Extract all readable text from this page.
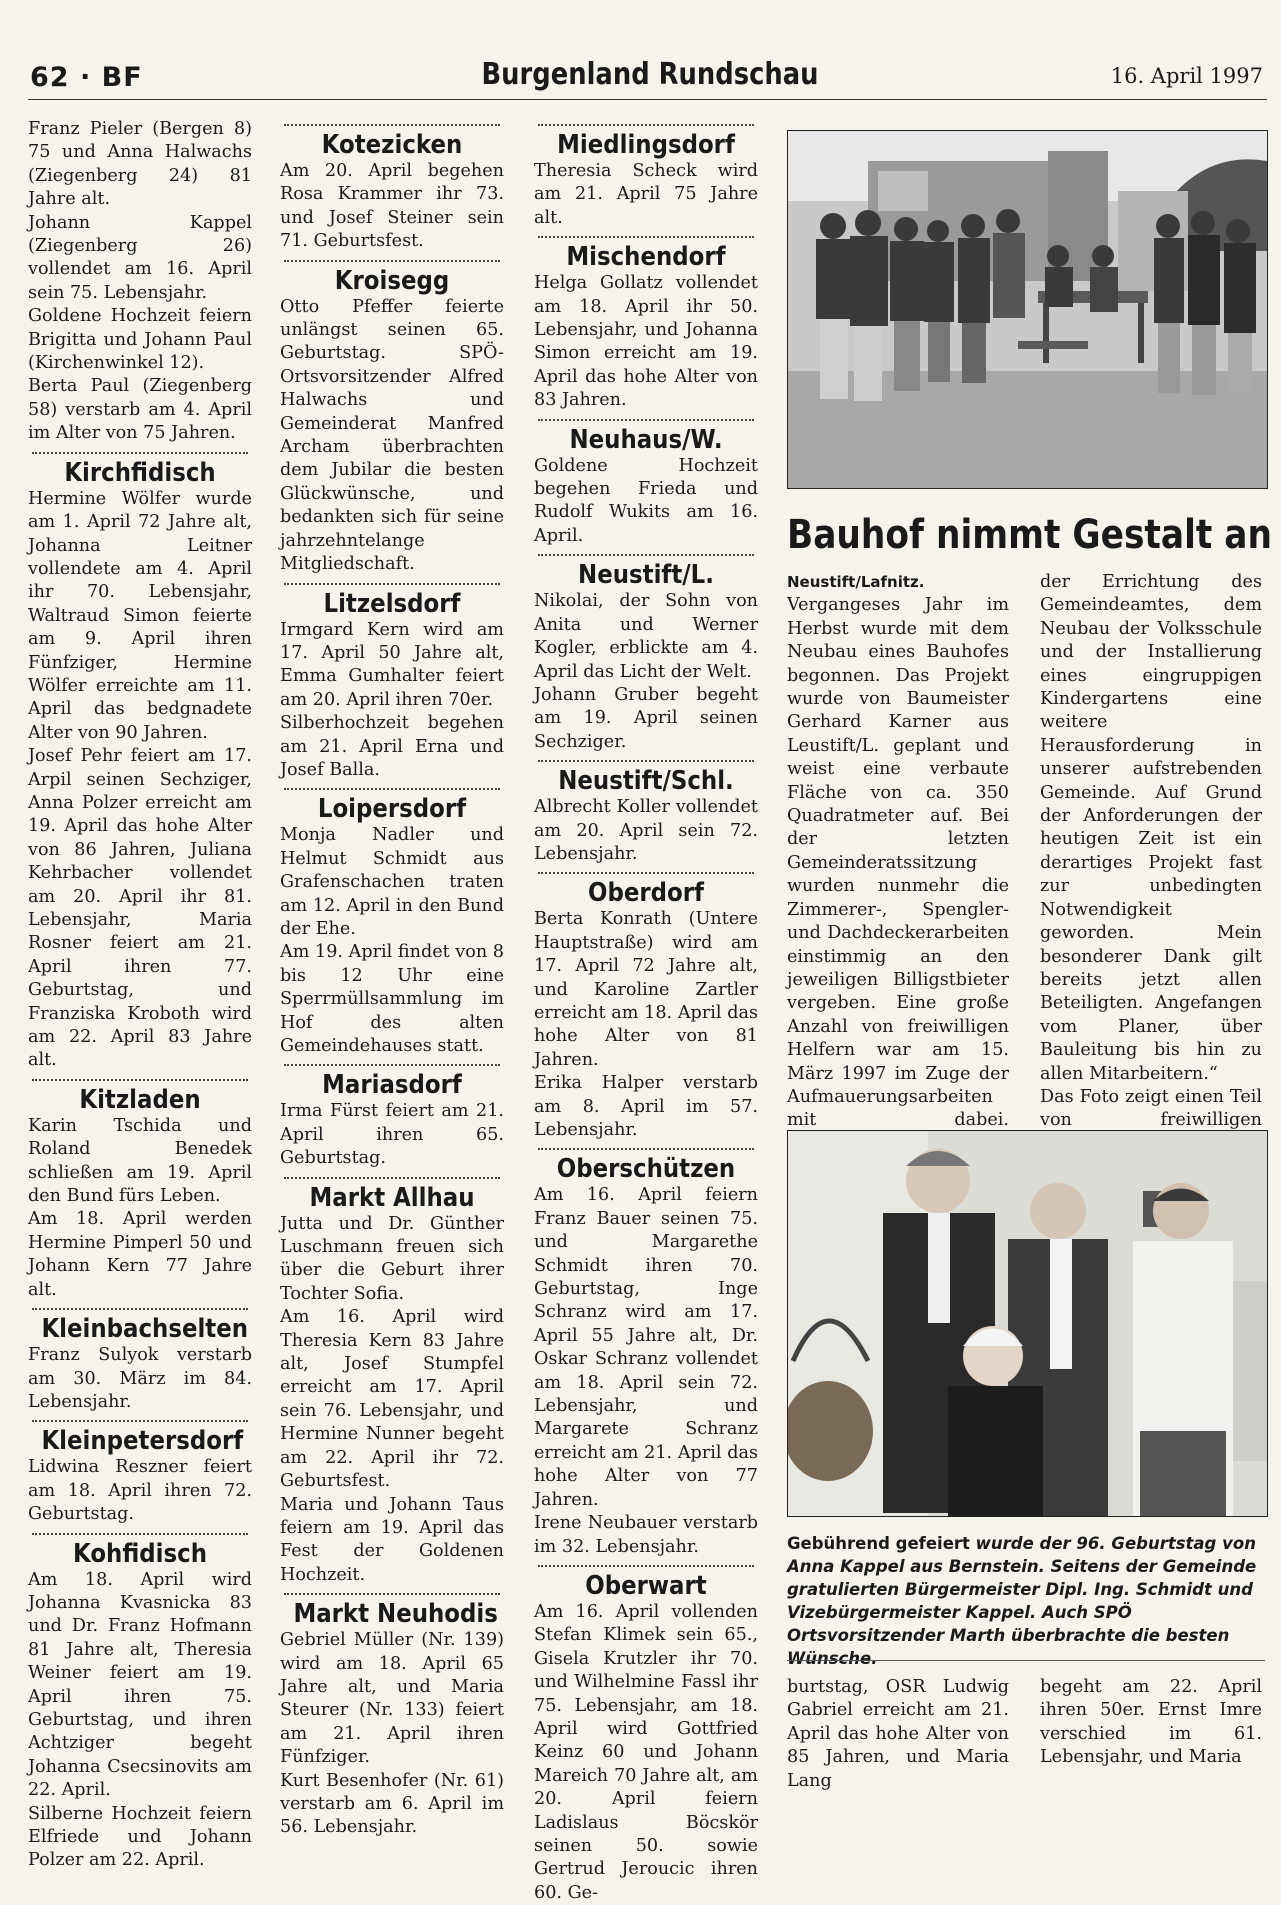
62 · BF	Burgenland Rundschau	16. April 1997

Franz Pieler (Bergen 8) 75 und Anna Halwachs (Ziegenberg 24) 81 Jahre alt.

Johann Kappel (Ziegenberg 26) vollendet am 16. April sein 75. Lebensjahr.

Goldene Hochzeit feiern Brigitta und Johann Paul (Kirchenwinkel 12).

Berta Paul (Ziegenberg 58) verstarb am 4. April im Alter von 75 Jahren.

Kirchfidisch

Hermine Wölfer wurde am 1. April 72 Jahre alt, Johanna Leitner vollendete am 4. April ihr 70. Lebensjahr, Waltraud Simon feierte am 9. April ihren Fünfziger, Hermine Wölfer erreichte am 11. April das bedgnadete Alter von 90 Jahren.

Josef Pehr feiert am 17. Arpil seinen Sechziger, Anna Polzer erreicht am 19. April das hohe Alter von 86 Jahren, Juliana Kehrbacher vollendet am 20. April ihr 81. Lebensjahr, Maria Rosner feiert am 21. April ihren 77. Geburtstag, und Franziska Kroboth wird am 22. April 83 Jahre alt.

Kitzladen

Karin Tschida und Roland Benedek schließen am 19. April den Bund fürs Leben.

Am 18. April werden Hermine Pimperl 50 und Johann Kern 77 Jahre alt.

Kleinbachselten

Franz Sulyok verstarb am 30. März im 84. Lebensjahr.

Kleinpetersdorf

Lidwina Reszner feiert am 18. April ihren 72. Geburtstag.

Kohfidisch

Am 18. April wird Johanna Kvasnicka 83 und Dr. Franz Hofmann 81 Jahre alt, Theresia Weiner feiert am 19. April ihren 75. Geburtstag, und ihren Achtziger begeht Johanna Csecsinovits am 22. April.

Silberne Hochzeit feiern Elfriede und Johann Polzer am 22. April.

Kotezicken

Am 20. April begehen Rosa Krammer ihr 73. und Josef Steiner sein 71. Geburtsfest.

Kroisegg

Otto Pfeffer feierte unlängst seinen 65. Geburtstag. SPÖ-Ortsvorsitzender Alfred Halwachs und Gemeinderat Manfred Archam überbrachten dem Jubilar die besten Glückwünsche, und bedankten sich für seine jahrzehntelange Mitgliedschaft.

Litzelsdorf

Irmgard Kern wird am 17. April 50 Jahre alt, Emma Gumhalter feiert am 20. April ihren 70er.

Silberhochzeit begehen am 21. April Erna und Josef Balla.

Loipersdorf

Monja Nadler und Helmut Schmidt aus Grafenschachen traten am 12. April in den Bund der Ehe.

Am 19. April findet von 8 bis 12 Uhr eine Sperrmüllsammlung im Hof des alten Gemeindehauses statt.

Mariasdorf

Irma Fürst feiert am 21. April ihren 65. Geburtstag.

Markt Allhau

Jutta und Dr. Günther Luschmann freuen sich über die Geburt ihrer Tochter Sofia.

Am 16. April wird Theresia Kern 83 Jahre alt, Josef Stumpfel erreicht am 17. April sein 76. Lebensjahr, und Hermine Nunner begeht am 22. April ihr 72. Geburtsfest.

Maria und Johann Taus feiern am 19. April das Fest der Goldenen Hochzeit.

Markt Neuhodis

Gebriel Müller (Nr. 139) wird am 18. April 65 Jahre alt, und Maria Steurer (Nr. 133) feiert am 21. April ihren Fünfziger.

Kurt Besenhofer (Nr. 61) verstarb am 6. April im 56. Lebensjahr.

Miedlingsdorf

Theresia Scheck wird am 21. April 75 Jahre alt.

Mischendorf

Helga Gollatz vollendet am 18. April ihr 50. Lebensjahr, und Johanna Simon erreicht am 19. April das hohe Alter von 83 Jahren.

Neuhaus/W.

Goldene Hochzeit begehen Frieda und Rudolf Wukits am 16. April.

Neustift/L.

Nikolai, der Sohn von Anita und Werner Kogler, erblickte am 4. April das Licht der Welt.

Johann Gruber begeht am 19. April seinen Sechziger.

Neustift/Schl.

Albrecht Koller vollendet am 20. April sein 72. Lebensjahr.

Oberdorf

Berta Konrath (Untere Hauptstraße) wird am 17. April 72 Jahre alt, und Karoline Zartler erreicht am 18. April das hohe Alter von 81 Jahren.

Erika Halper verstarb am 8. April im 57. Lebensjahr.

Oberschützen

Am 16. April feiern Franz Bauer seinen 75. und Margarethe Schmidt ihren 70. Geburtstag, Inge Schranz wird am 17. April 55 Jahre alt, Dr. Oskar Schranz vollendet am 18. April sein 72. Lebensjahr, und Margarete Schranz erreicht am 21. April das hohe Alter von 77 Jahren.

Irene Neubauer verstarb im 32. Lebensjahr.

Oberwart

Am 16. April vollenden Stefan Klimek sein 65., Gisela Krutzler ihr 70. und Wilhelmine Fassl ihr 75. Lebensjahr, am 18. April wird Gottfried Keinz 60 und Johann Mareich 70 Jahre alt, am 20. April feiern Ladislaus Böcskör seinen 50. sowie Gertrud Jeroucic ihren 60. Ge-

Bauhof nimmt Gestalt an

Neustift/Lafnitz. Vergangeses Jahr im Herbst wurde mit dem Neubau eines Bauhofes begonnen. Das Projekt wurde von Baumeister Gerhard Karner aus Leustift/L. geplant und weist eine verbaute Fläche von ca. 350 Quadratmeter auf. Bei der letzten Gemeinderatssitzung wurden nunmehr die Zimmerer-, Spengler- und Dachdeckerarbeiten einstimmig an den jeweiligen Billigstbieter vergeben. Eine große Anzahl von freiwilligen Helfern war am 15. März 1997 im Zuge der Aufmauerungsarbeiten mit dabei.

der Errichtung des Gemeindeamtes, dem Neubau der Volksschule und der Installierung eines eingruppigen Kindergartens eine weitere Herausforderung in unserer aufstrebenden Gemeinde. Auf Grund der Anforderungen der heutigen Zeit ist ein derartiges Projekt fast zur unbedingten Notwendigkeit geworden. Mein besonderer Dank gilt bereits jetzt allen Beteiligten. Angefangen vom Planer, über Bauleitung bis hin zu allen Mitarbeitern.“

Das Foto zeigt einen Teil von freiwilligen

Gebührend gefeiert wurde der 96. Geburtstag von Anna Kappel aus Bernstein. Seitens der Gemeinde gratulierten Bürgermeister Dipl. Ing. Schmidt und Vizebürgermeister Kappel. Auch SPÖ Ortsvorsitzender Marth überbrachte die besten Wünsche.

burtstag, OSR Ludwig Gabriel erreicht am 21. April das hohe Alter von 85 Jahren, und Maria Lang

begeht am 22. April ihren 50er. Ernst Imre verschied im 61. Lebensjahr, und Maria
